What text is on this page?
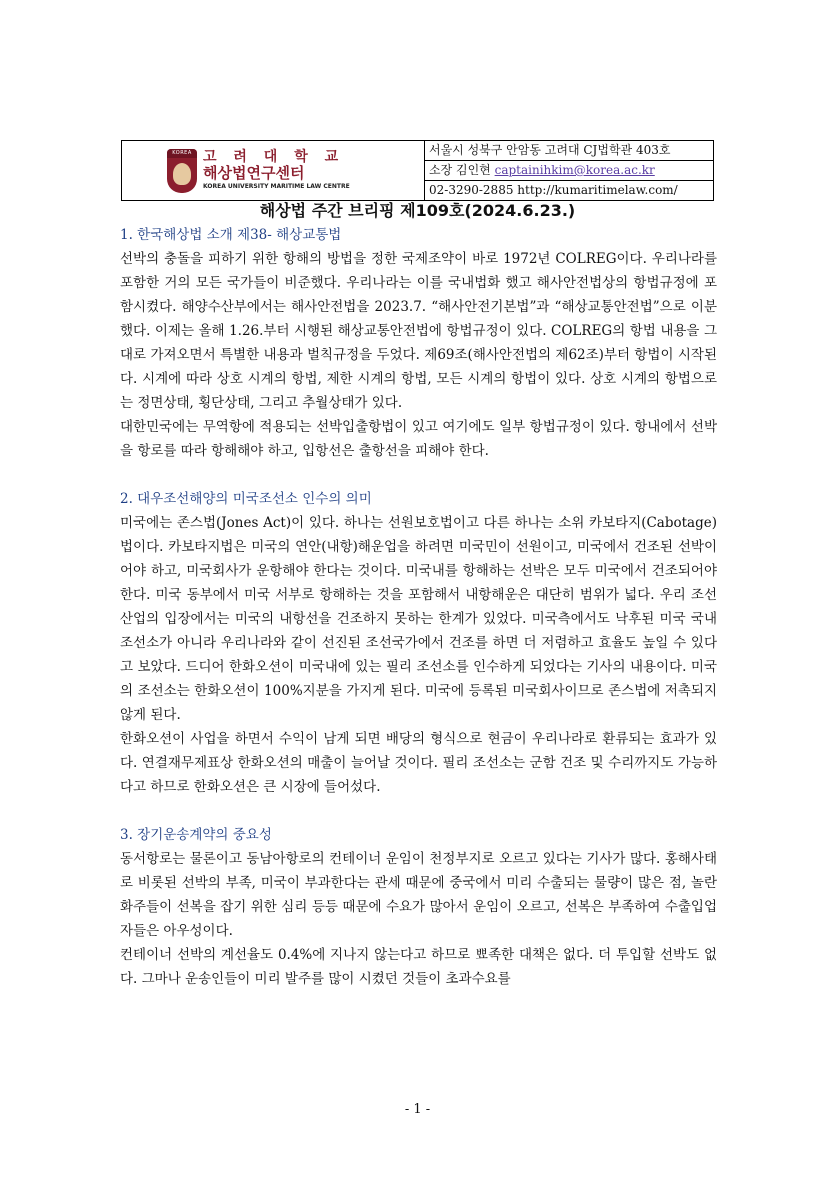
KOREA 고 려 대 학 교
해상법연구센터
KOREA UNIVERSITY MARITIME LAW CENTRE
서울시 성북구 안암동 고려대 CJ법학관 403호
소장 김인현 captainihkim@korea.ac.kr
02-3290-2885 http://kumaritimelaw.com/
해상법 주간 브리핑 제109호(2024.6.23.)
1. 한국해상법 소개 제38- 해상교통법

선박의 충돌을 피하기 위한 항해의 방법을 정한 국제조약이 바로 1972년 COLREG이다. 우리나라를 포함한 거의 모든 국가들이 비준했다. 우리나라는 이를 국내법화 했고 해사안전법상의 항법규정에 포함시켰다. 해양수산부에서는 해사안전법을 2023.7. “해사안전기본법”과 “해상교통안전법”으로 이분했다. 이제는 올해 1.26.부터 시행된 해상교통안전법에 항법규정이 있다. COLREG의 항법 내용을 그대로 가져오면서 특별한 내용과 벌칙규정을 두었다. 제69조(해사안전법의 제62조)부터 항법이 시작된다. 시계에 따라 상호 시계의 항법, 제한 시계의 항법, 모든 시계의 항법이 있다. 상호 시계의 항법으로는 정면상태, 횡단상태, 그리고 추월상태가 있다.

대한민국에는 무역항에 적용되는 선박입출항법이 있고 여기에도 일부 항법규정이 있다. 항내에서 선박을 항로를 따라 항해해야 하고, 입항선은 출항선을 피해야 한다.

2. 대우조선해양의 미국조선소 인수의 의미

미국에는 존스법(Jones Act)이 있다. 하나는 선원보호법이고 다른 하나는 소위 카보타지(Cabotage)법이다. 카보타지법은 미국의 연안(내항)해운업을 하려면 미국민이 선원이고, 미국에서 건조된 선박이어야 하고, 미국회사가 운항해야 한다는 것이다. 미국내를 항해하는 선박은 모두 미국에서 건조되어야 한다. 미국 동부에서 미국 서부로 항해하는 것을 포함해서 내항해운은 대단히 범위가 넓다. 우리 조선산업의 입장에서는 미국의 내항선을 건조하지 못하는 한계가 있었다. 미국측에서도 낙후된 미국 국내조선소가 아니라 우리나라와 같이 선진된 조선국가에서 건조를 하면 더 저렴하고 효율도 높일 수 있다고 보았다. 드디어 한화오션이 미국내에 있는 필리 조선소를 인수하게 되었다는 기사의 내용이다. 미국의 조선소는 한화오션이 100%지분을 가지게 된다. 미국에 등록된 미국회사이므로 존스법에 저촉되지 않게 된다.

한화오션이 사업을 하면서 수익이 남게 되면 배당의 형식으로 현금이 우리나라로 환류되는 효과가 있다. 연결재무제표상 한화오션의 매출이 늘어날 것이다. 필리 조선소는 군함 건조 및 수리까지도 가능하다고 하므로 한화오션은 큰 시장에 들어섰다.

3. 장기운송계약의 중요성

동서항로는 물론이고 동남아항로의 컨테이너 운임이 천정부지로 오르고 있다는 기사가 많다. 홍해사태로 비롯된 선박의 부족, 미국이 부과한다는 관세 때문에 중국에서 미리 수출되는 물량이 많은 점, 놀란 화주들이 선복을 잡기 위한 심리 등등 때문에 수요가 많아서 운임이 오르고, 선복은 부족하여 수출입업자들은 아우성이다.

컨테이너 선박의 계선율도 0.4%에 지나지 않는다고 하므로 뾰족한 대책은 없다. 더 투입할 선박도 없다. 그마나 운송인들이 미리 발주를 많이 시켰던 것들이 초과수요를

- 1 -
